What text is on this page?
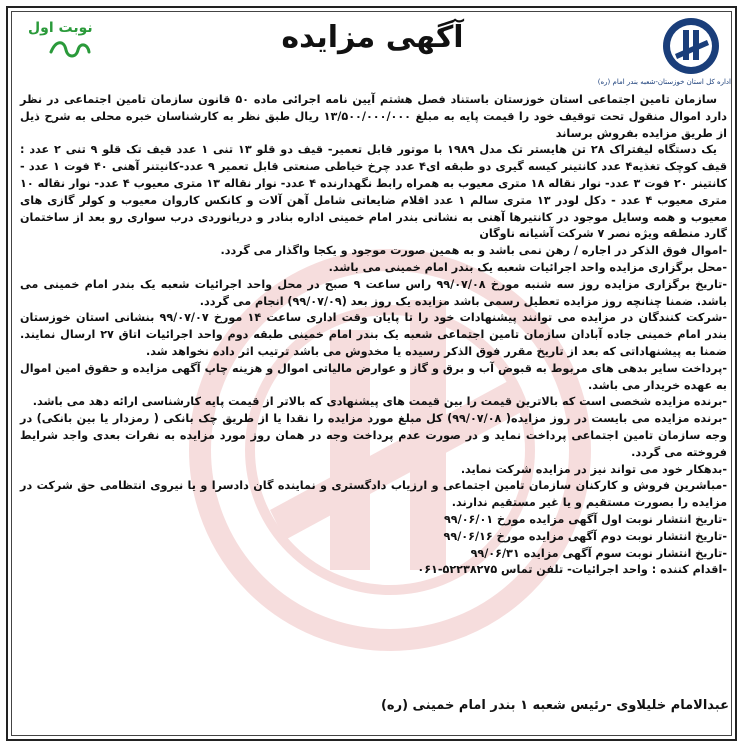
اداره کل استان خوزستان-شعبه بندر امام (ره)
نوبت اول	آگهی مزایده

سازمان تامین اجتماعی استان خوزستان باستناد فصل هشتم آیین نامه اجرائی ماده ۵۰ قانون سازمان تامین اجتماعی در نظر دارد اموال منقول تحت توقیف خود را قیمت پایه به مبلغ ۱۳/۵۰۰/۰۰۰/۰۰۰ ریال طبق نظر به کارشناسان خبره محلی به شرح ذیل از طریق مزایده بفروش برساند

یک دستگاه لیفتراک ۲۸ تن هایستر تک مدل ۱۹۸۹ با موتور قابل تعمیر- قیف دو قلو ۱۳ تنی ۱ عدد قیف تک قلو ۹ تنی ۲ عدد : قیف کوچک تغذیه۴ عدد کانتینر کیسه گیری دو طبقه ای۴ عدد چرخ خیاطی صنعتی قابل تعمیر ۹ عدد-کانیتنر آهنی ۴۰ فوت ۱ عدد - کانتینر ۲۰ فوت ۳ عدد- نوار نقاله ۱۸ متری معیوب به همراه رابط نگهدارنده ۴ عدد- نوار نقاله ۱۳ متری معیوب ۴ عدد- نوار نقاله ۱۰ متری معیوب ۴ عدد - دکل لودر ۱۳ متری سالم ۱ عدد اقلام ضایعاتی شامل آهن آلات و کانکس کاروان معیوب و کولر گازی های معیوب و همه وسایل موجود در کانتیرها آهنی به نشانی بندر امام خمینی اداره بنادر و دریانوردی درب سواری رو بعد از ساختمان گارد منطقه ویژه نصر ۷ شرکت آشیانه ناوگان

- اموال فوق الذکر در اجاره / رهن نمی باشد و به همین صورت موجود و یکجا واگذار می گردد.

- محل برگزاری مزایده واحد اجرائیات شعبه یک بندر امام خمینی می باشد.

- تاریخ برگزاری مزایده روز سه شنبه مورخ ۹۹/۰۷/۰۸ راس ساعت ۹ صبح در محل واحد اجرائیات شعبه یک بندر امام خمینی می باشد. ضمنا چنانچه روز مزایده تعطیل رسمی باشد مزایده یک روز بعد (۹۹/۰۷/۰۹) انجام می گردد.

- شرکت کنندگان در مزایده می توانند پیشنهادات خود را تا پایان وقت اداری ساعت ۱۴ مورخ ۹۹/۰۷/۰۷ بنشانی استان خوزستان بندر امام خمینی جاده آبادان سازمان تامین اجتماعی شعبه یک بندر امام خمینی طبقه دوم واحد اجرائیات اتاق ۲۷ ارسال نمایند. ضمنا به پیشنهاداتی که بعد از تاریخ مقرر فوق الذکر رسیده یا مخدوش می باشد ترتیب اثر داده نخواهد شد.

- پرداخت سایر بدهی های مربوط به قبوض آب و برق و گاز و عوارض مالیاتی اموال و هزینه چاپ آگهی مزایده و حقوق امین اموال به عهده خریدار می باشد.

- برنده مزایده شخصی است که بالاترین قیمت را بین قیمت های پیشنهادی که بالاتر از قیمت پایه کارشناسی ارائه دهد می باشد.

- برنده مزایده می بایست در روز مزایده( ۹۹/۰۷/۰۸) کل مبلغ مورد مزایده را نقدا یا از طریق چک بانکی ( رمزدار یا بین بانکی) در وجه سازمان تامین اجتماعی پرداخت نماید و در صورت عدم پرداخت وجه در همان روز مورد مزایده به نفرات بعدی واجد شرایط فروخته می گردد.

- بدهکار خود می تواند نیز در مزایده شرکت نماید.

- مباشرین فروش و کارکنان سازمان تامین اجتماعی و ارزیاب دادگستری و نماینده گان دادسرا و یا نیروی انتظامی حق شرکت در مزایده را بصورت مستقیم و یا غیر مستقیم ندارند.

- تاریخ انتشار نوبت اول آگهی مزایده مورخ ۹۹/۰۶/۰۱

- تاریخ انتشار نوبت دوم آگهی مزایده مورخ ۹۹/۰۶/۱۶

- تاریخ انتشار نوبت سوم آگهی مزایده ۹۹/۰۶/۳۱

- اقدام کننده : واحد اجرائیات- تلفن تماس ۵۲۲۳۸۲۷۵-۰۶۱

عبدالامام خلیلاوی -رئیس شعبه ۱ بندر امام خمینی (ره)
